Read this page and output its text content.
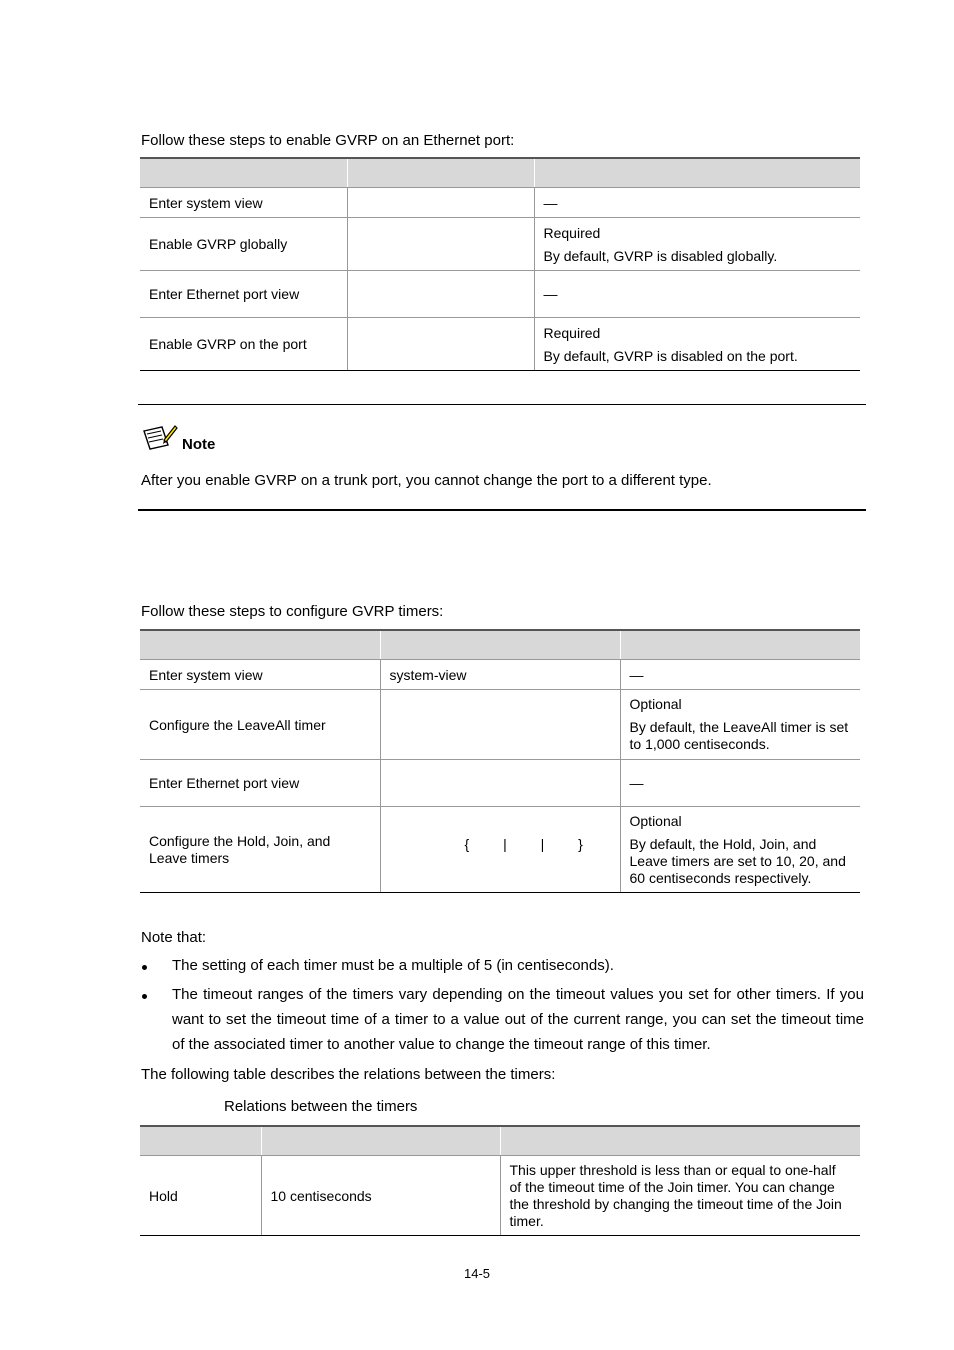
Follow these steps to enable GVRP on an Ethernet port:

Enter system view		—
Enable GVRP globally		Required
By default, GVRP is disabled globally.

Enter Ethernet port view		—
Enable GVRP on the port		Required
By default, GVRP is disabled on the port.
Note
After you enable GVRP on a trunk port, you cannot change the port to a different type.
Follow these steps to configure GVRP timers:

Enter system view	system-view	—
Configure the LeaveAll timer		Optional
By default, the LeaveAll timer is set to 1,000 centiseconds.

Enter Ethernet port view		—
Configure the Hold, Join, and Leave timers	{ | | }	Optional
By default, the Hold, Join, and Leave timers are set to 10, 20, and 60 centiseconds respectively.
Note that:
The setting of each timer must be a multiple of 5 (in centiseconds).
The timeout ranges of the timers vary depending on the timeout values you set for other timers. If you want to set the timeout time of a timer to a value out of the current range, you can set the timeout time of the associated timer to another value to change the timeout range of this timer.
The following table describes the relations between the timers:
Relations between the timers

Hold	10 centiseconds	This upper threshold is less than or equal to one-half of the timeout time of the Join timer. You can change the threshold by changing the timeout time of the Join timer.
14-5
